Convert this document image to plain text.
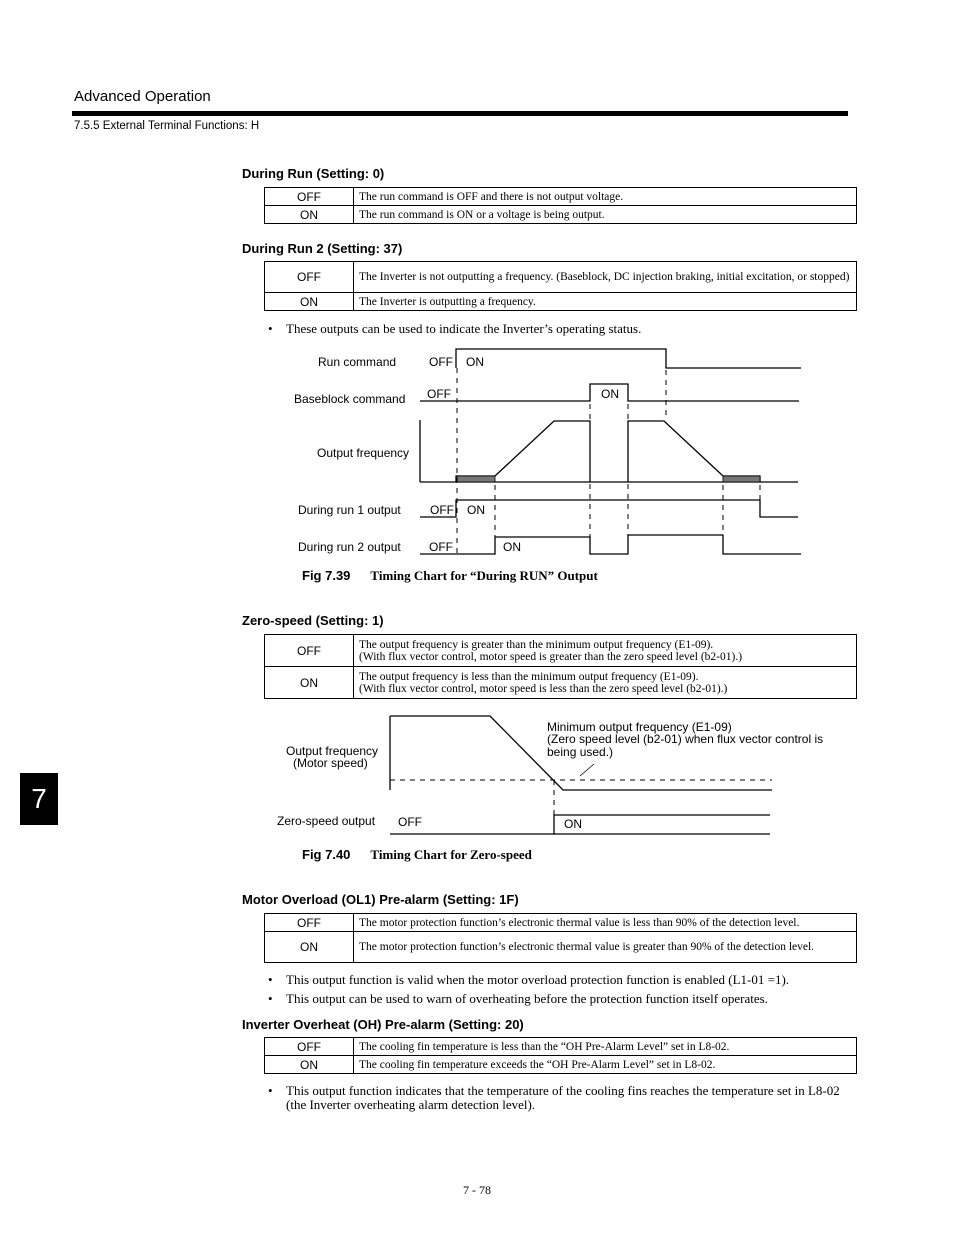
Advanced Operation
7.5.5 External Terminal Functions: H
During Run (Setting: 0)
OFF	The run command is OFF and there is not output voltage.
ON	The run command is ON or a voltage is being output.
During Run 2 (Setting: 37)
OFF	The Inverter is not outputting a frequency. (Baseblock, DC injection braking, initial excitation, or stopped)
ON	The Inverter is outputting a frequency.
• These outputs can be used to indicate the Inverter’s operating status.
Run command	OFF ON
Baseblock command OFF	ON
Output frequency
During run 1 output OFF ON
During run 2 output OFF	ON
Fig 7.39 Timing Chart for “During RUN” Output
Zero-speed (Setting: 1)
OFF	The output frequency is greater than the minimum output frequency (E1-09).
(With flux vector control, motor speed is greater than the zero speed level (b2-01).)
ON	The output frequency is less than the minimum output frequency (E1-09).
(With flux vector control, motor speed is less than the zero speed level (b2-01).)
Output frequency
(Motor speed)
Zero-speed output OFF	ON
Minimum output frequency (E1-09)
(Zero speed level (b2-01) when flux vector control is
being used.)
Fig 7.40 Timing Chart for Zero-speed
7
Motor Overload (OL1) Pre-alarm (Setting: 1F)
OFF	The motor protection function’s electronic thermal value is less than 90% of the detection level.
ON	The motor protection function’s electronic thermal value is greater than 90% of the detection level.
• This output function is valid when the motor overload protection function is enabled (L1-01 =1).
• This output can be used to warn of overheating before the protection function itself operates.
Inverter Overheat (OH) Pre-alarm (Setting: 20)
OFF	The cooling fin temperature is less than the “OH Pre-Alarm Level” set in L8-02.
ON	The cooling fin temperature exceeds the “OH Pre-Alarm Level” set in L8-02.
• This output function indicates that the temperature of the cooling fins reaches the temperature set in L8-02 (the Inverter overheating alarm detection level).
7 - 78
